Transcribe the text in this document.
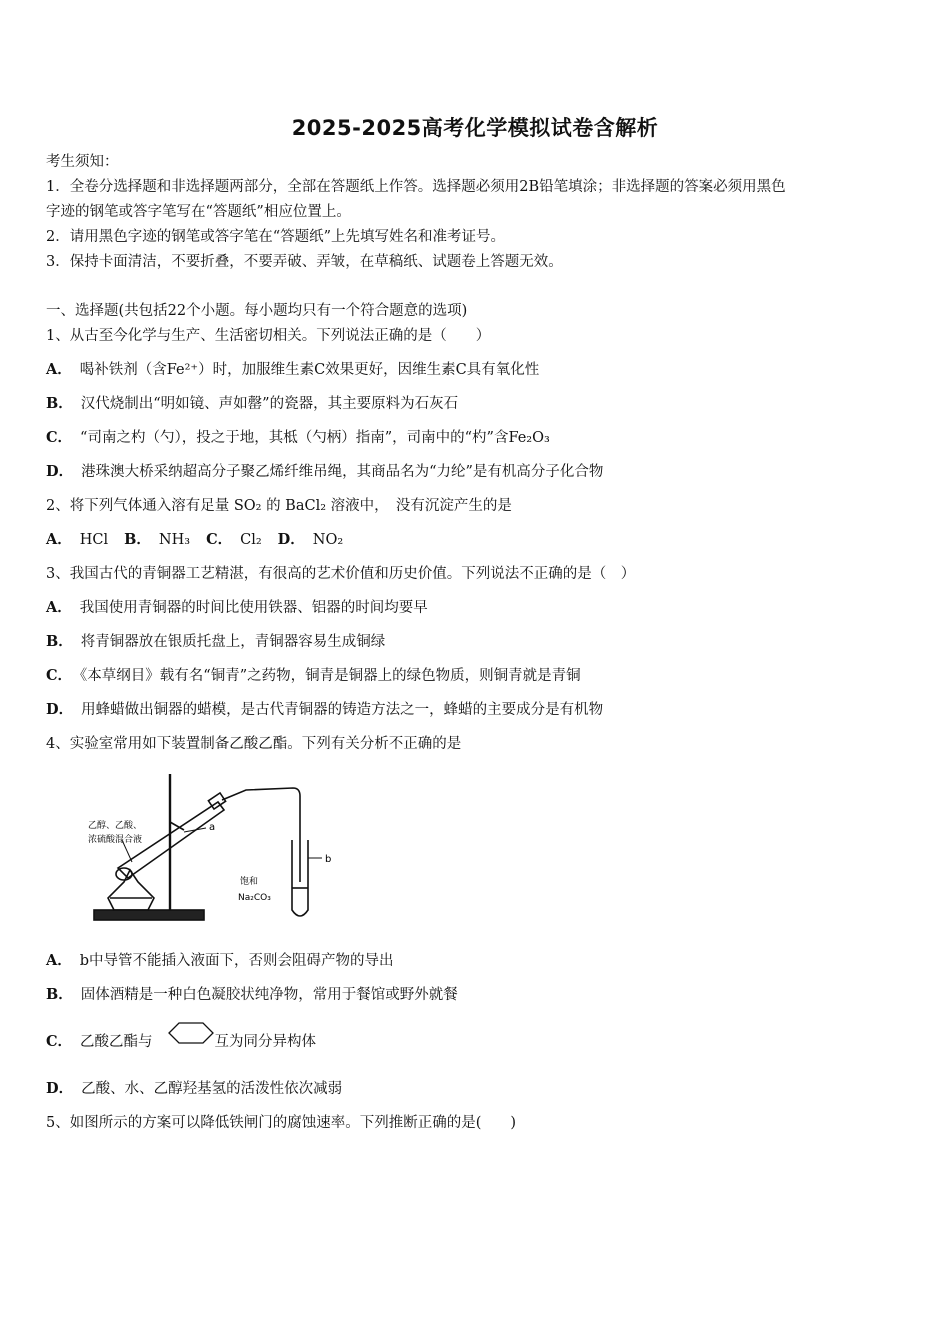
2025-2025高考化学模拟试卷含解析
考生须知：
1．全卷分选择题和非选择题两部分，全部在答题纸上作答。选择题必须用2B铅笔填涂；非选择题的答案必须用黑色
字迹的钢笔或答字笔写在“答题纸”相应位置上。
2．请用黑色字迹的钢笔或答字笔在“答题纸”上先填写姓名和准考证号。
3．保持卡面清洁，不要折叠，不要弄破、弄皱，在草稿纸、试题卷上答题无效。
一、选择题(共包括22个小题。每小题均只有一个符合题意的选项)
1、从古至今化学与生产、生活密切相关。下列说法正确的是（　　）
A． 喝补铁剂（含Fe²⁺）时，加服维生素C效果更好，因维生素C具有氧化性
B． 汉代烧制出“明如镜、声如罄”的瓷器，其主要原料为石灰石
C． “司南之杓（勺），投之于地，其柢（勺柄）指南”，司南中的“杓”含Fe₂O₃
D． 港珠澳大桥采纳超高分子聚乙烯纤维吊绳，其商品名为“力纶”是有机高分子化合物
2、将下列气体通入溶有足量 SO₂ 的 BaCl₂ 溶液中，　没有沉淀产生的是
A． HCl B． NH₃ C． Cl₂ D． NO₂
3、我国古代的青铜器工艺精湛，有很高的艺术价值和历史价值。下列说法不正确的是（　）
A． 我国使用青铜器的时间比使用铁器、铝器的时间均要早
B． 将青铜器放在银质托盘上，青铜器容易生成铜绿
C． 《本草纲目》载有名“铜青”之药物，铜青是铜器上的绿色物质，则铜青就是青铜
D． 用蜂蜡做出铜器的蜡模，是古代青铜器的铸造方法之一，蜂蜡的主要成分是有机物
4、实验室常用如下装置制备乙酸乙酯。下列有关分析不正确的是
乙醇、乙酸、
浓硫酸混合液
a
b
饱和
Na₂CO₃
A． b中导管不能插入液面下，否则会阻碍产物的导出
B． 固体酒精是一种白色凝胶状纯净物，常用于餐馆或野外就餐
C． 乙酸乙酯与	互为同分异构体
D． 乙酸、水、乙醇羟基氢的活泼性依次减弱
5、如图所示的方案可以降低铁闸门的腐蚀速率。下列推断正确的是(　　)
